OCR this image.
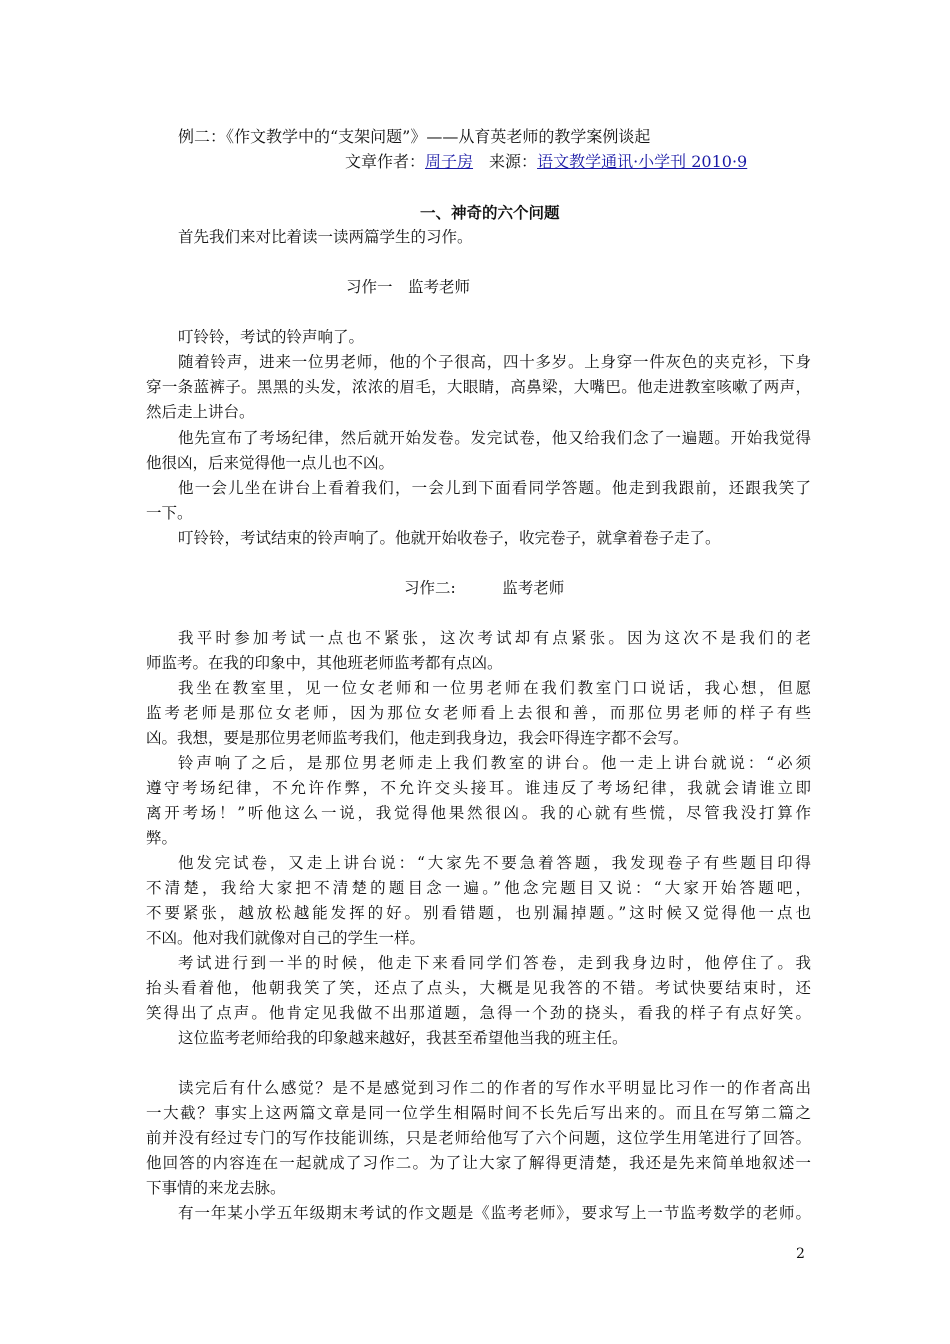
例二：《作文教学中的“支架问题”》——从育英老师的教学案例谈起
文章作者：周子房　 来源：语文教学通讯·小学刊 2010·9
一、神奇的六个问题
首先我们来对比着读一读两篇学生的习作。
习作一　监考老师
叮铃铃，考试的铃声响了。
随着铃声，进来一位男老师，他的个子很高，四十多岁。上身穿一件灰色的夹克衫，下身
穿一条蓝裤子。黑黑的头发，浓浓的眉毛，大眼睛，高鼻梁，大嘴巴。他走进教室咳嗽了两声，
然后走上讲台。
他先宣布了考场纪律，然后就开始发卷。发完试卷，他又给我们念了一遍题。开始我觉得
他很凶，后来觉得他一点儿也不凶。
他一会儿坐在讲台上看着我们，一会儿到下面看同学答题。他走到我跟前，还跟我笑了
一下。
叮铃铃，考试结束的铃声响了。他就开始收卷子，收完卷子，就拿着卷子走了。
习作二:　　　监考老师
我平时参加考试一点也不紧张，这次考试却有点紧张。因为这次不是我们的老
师监考。在我的印象中，其他班老师监考都有点凶。
我坐在教室里，见一位女老师和一位男老师在我们教室门口说话，我心想，但愿
监考老师是那位女老师，因为那位女老师看上去很和善，而那位男老师的样子有些
凶。我想，要是那位男老师监考我们，他走到我身边，我会吓得连字都不会写。
铃声响了之后，是那位男老师走上我们教室的讲台。他一走上讲台就说：“必须
遵守考场纪律，不允许作弊，不允许交头接耳。谁违反了考场纪律，我就会请谁立即
离开考场！”听他这么一说，我觉得他果然很凶。我的心就有些慌，尽管我没打算作
弊。
他发完试卷，又走上讲台说：“大家先不要急着答题，我发现卷子有些题目印得
不清楚，我给大家把不清楚的题目念一遍。”他念完题目又说：“大家开始答题吧，
不要紧张，越放松越能发挥的好。别看错题，也别漏掉题。”这时候又觉得他一点也
不凶。他对我们就像对自己的学生一样。
考试进行到一半的时候，他走下来看同学们答卷，走到我身边时，他停住了。我
抬头看着他，他朝我笑了笑，还点了点头，大概是见我答的不错。考试快要结束时，还
笑得出了点声。他肯定见我做不出那道题，急得一个劲的挠头，看我的样子有点好笑。
这位监考老师给我的印象越来越好，我甚至希望他当我的班主任。
读完后有什么感觉？是不是感觉到习作二的作者的写作水平明显比习作一的作者高出
一大截？事实上这两篇文章是同一位学生相隔时间不长先后写出来的。而且在写第二篇之
前并没有经过专门的写作技能训练，只是老师给他写了六个问题，这位学生用笔进行了回答。
他回答的内容连在一起就成了习作二。为了让大家了解得更清楚，我还是先来简单地叙述一
下事情的来龙去脉。
有一年某小学五年级期末考试的作文题是《监考老师》，要求写上一节监考数学的老师。
2
